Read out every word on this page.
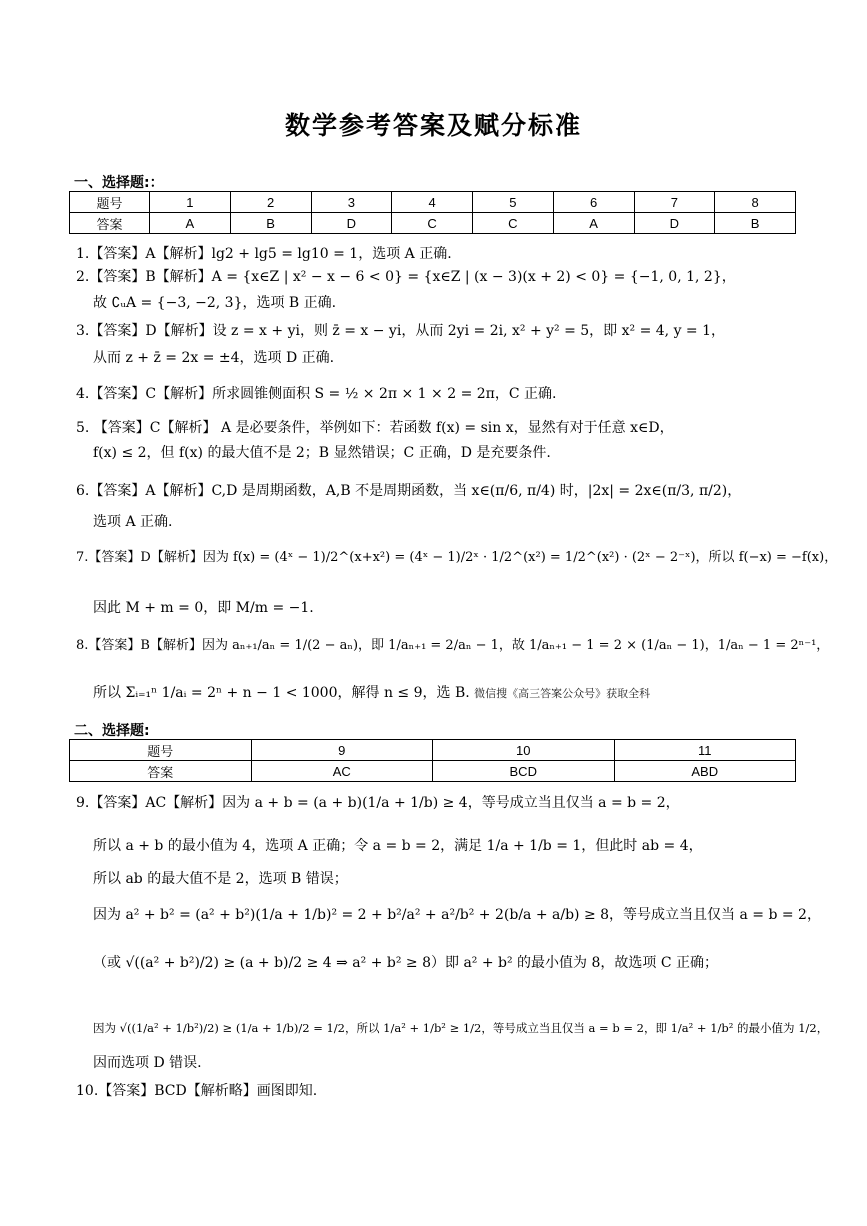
数学参考答案及赋分标准
一、选择题:：
题号	1	2	3	4	5	6	7	8
答案	A	B	D	C	C	A	D	B
1.【答案】A【解析】lg2 + lg5 = lg10 = 1，选项 A 正确.
2.【答案】B【解析】A = {x∈Z | x² − x − 6 < 0} = {x∈Z | (x − 3)(x + 2) < 0} = {−1, 0, 1, 2}，
故 ∁ᵤA = {−3, −2, 3}，选项 B 正确.
3.【答案】D【解析】设 z = x + yi，则 z̄ = x − yi，从而 2yi = 2i, x² + y² = 5，即 x² = 4, y = 1，
从而 z + z̄ = 2x = ±4，选项 D 正确.
4.【答案】C【解析】所求圆锥侧面积 S = ½ × 2π × 1 × 2 = 2π，C 正确.
5. 【答案】C【解析】 A 是必要条件，举例如下：若函数 f(x) = sin x，显然有对于任意 x∈D，
f(x) ≤ 2，但 f(x) 的最大值不是 2；B 显然错误；C 正确，D 是充要条件.
6.【答案】A【解析】C,D 是周期函数，A,B 不是周期函数，当 x∈(π/6, π/4) 时，|2x| = 2x∈(π/3, π/2)，
选项 A 正确.
7.【答案】D【解析】因为 f(x) = (4ˣ − 1)/2^(x+x²) = (4ˣ − 1)/2ˣ · 1/2^(x²) = 1/2^(x²) · (2ˣ − 2⁻ˣ)，所以 f(−x) = −f(x)，
因此 M + m = 0，即 M/m = −1.
8.【答案】B【解析】因为 aₙ₊₁/aₙ = 1/(2 − aₙ)，即 1/aₙ₊₁ = 2/aₙ − 1，故 1/aₙ₊₁ − 1 = 2 × (1/aₙ − 1)，1/aₙ − 1 = 2ⁿ⁻¹，
所以 Σᵢ₌₁ⁿ 1/aᵢ = 2ⁿ + n − 1 < 1000，解得 n ≤ 9，选 B. 微信搜《高三答案公众号》获取全科
二、选择题:
题号	9	10	11
答案	AC	BCD	ABD
9.【答案】AC【解析】因为 a + b = (a + b)(1/a + 1/b) ≥ 4，等号成立当且仅当 a = b = 2，
所以 a + b 的最小值为 4，选项 A 正确；令 a = b = 2，满足 1/a + 1/b = 1，但此时 ab = 4，
所以 ab 的最大值不是 2，选项 B 错误；
因为 a² + b² = (a² + b²)(1/a + 1/b)² = 2 + b²/a² + a²/b² + 2(b/a + a/b) ≥ 8，等号成立当且仅当 a = b = 2，
（或 √((a² + b²)/2) ≥ (a + b)/2 ≥ 4 ⇒ a² + b² ≥ 8）即 a² + b² 的最小值为 8，故选项 C 正确；
因为 √((1/a² + 1/b²)/2) ≥ (1/a + 1/b)/2 = 1/2，所以 1/a² + 1/b² ≥ 1/2，等号成立当且仅当 a = b = 2，即 1/a² + 1/b² 的最小值为 1/2，
因而选项 D 错误.
10.【答案】BCD【解析略】画图即知.
